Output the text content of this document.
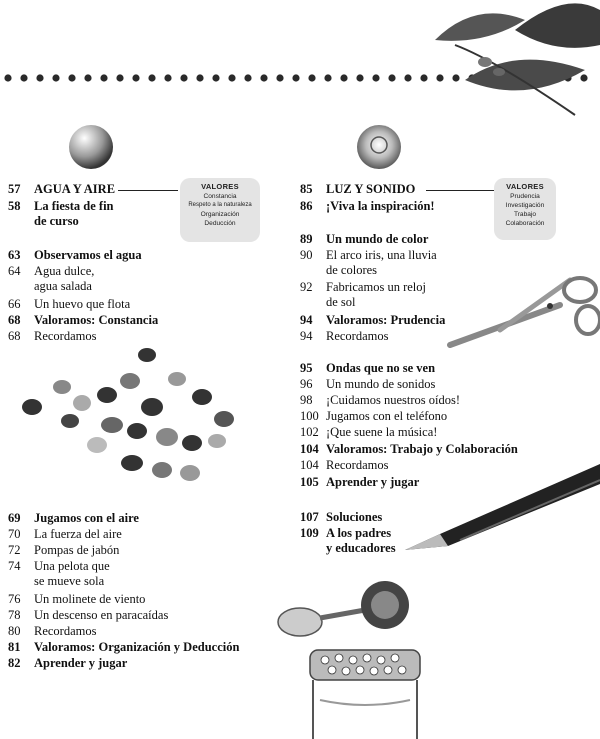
57 AGUA Y AIRE
58 La fiesta de fin
de curso
VALORES
Constancia
Respeto a la naturaleza
Organización
Deducción
63 Observamos el agua
64 Agua dulce,
agua salada
66 Un huevo que flota
68 Valoramos: Constancia
68 Recordamos
69 Jugamos con el aire
70 La fuerza del aire
72 Pompas de jabón
74 Una pelota que
se mueve sola
76 Un molinete de viento
78 Un descenso en paracaídas
80 Recordamos
81 Valoramos: Organización y Deducción
82 Aprender y jugar
85 LUZ Y SONIDO
86 ¡Viva la inspiración!
VALORES
Prudencia
Investigación
Trabajo
Colaboración
89 Un mundo de color
90 El arco iris, una lluvia
de colores
92 Fabricamos un reloj
de sol
94 Valoramos: Prudencia
94 Recordamos
95 Ondas que no se ven
96 Un mundo de sonidos
98 ¡Cuidamos nuestros oídos!
100 Jugamos con el teléfono
102 ¡Que suene la música!
104 Valoramos: Trabajo y Colaboración
104 Recordamos
105 Aprender y jugar
107 Soluciones
109 A los padres
y educadores
